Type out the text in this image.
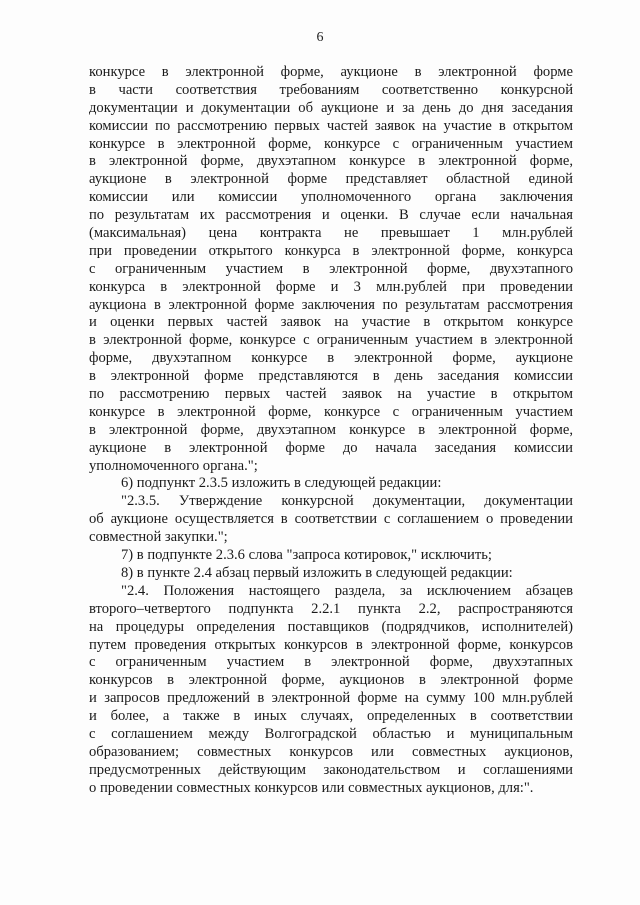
6
конкурсе в электронной форме, аукционе в электронной форме
в части соответствия требованиям соответственно конкурсной
документации и документации об аукционе и за день до дня заседания
комиссии по рассмотрению первых частей заявок на участие в открытом
конкурсе в электронной форме, конкурсе с ограниченным участием
в электронной форме, двухэтапном конкурсе в электронной форме,
аукционе в электронной форме представляет областной единой
комиссии или комиссии уполномоченного органа заключения
по результатам их рассмотрения и оценки. В случае если начальная
(максимальная) цена контракта не превышает 1 млн.рублей
при проведении открытого конкурса в электронной форме, конкурса
с ограниченным участием в электронной форме, двухэтапного
конкурса в электронной форме и 3 млн.рублей при проведении
аукциона в электронной форме заключения по результатам рассмотрения
и оценки первых частей заявок на участие в открытом конкурсе
в электронной форме, конкурсе с ограниченным участием в электронной
форме, двухэтапном конкурсе в электронной форме, аукционе
в электронной форме представляются в день заседания комиссии
по рассмотрению первых частей заявок на участие в открытом
конкурсе в электронной форме, конкурсе с ограниченным участием
в электронной форме, двухэтапном конкурсе в электронной форме,
аукционе в электронной форме до начала заседания комиссии
уполномоченного органа.";
6) подпункт 2.3.5 изложить в следующей редакции:
"2.3.5. Утверждение конкурсной документации, документации
об аукционе осуществляется в соответствии с соглашением о проведении
совместной закупки.";
7) в подпункте 2.3.6 слова "запроса котировок," исключить;
8) в пункте 2.4 абзац первый изложить в следующей редакции:
"2.4. Положения настоящего раздела, за исключением абзацев
второго–четвертого подпункта 2.2.1 пункта 2.2, распространяются
на процедуры определения поставщиков (подрядчиков, исполнителей)
путем проведения открытых конкурсов в электронной форме, конкурсов
с ограниченным участием в электронной форме, двухэтапных
конкурсов в электронной форме, аукционов в электронной форме
и запросов предложений в электронной форме на сумму 100 млн.рублей
и более, а также в иных случаях, определенных в соответствии
с соглашением между Волгоградской областью и муниципальным
образованием; совместных конкурсов или совместных аукционов,
предусмотренных действующим законодательством и соглашениями
о проведении совместных конкурсов или совместных аукционов, для:".
